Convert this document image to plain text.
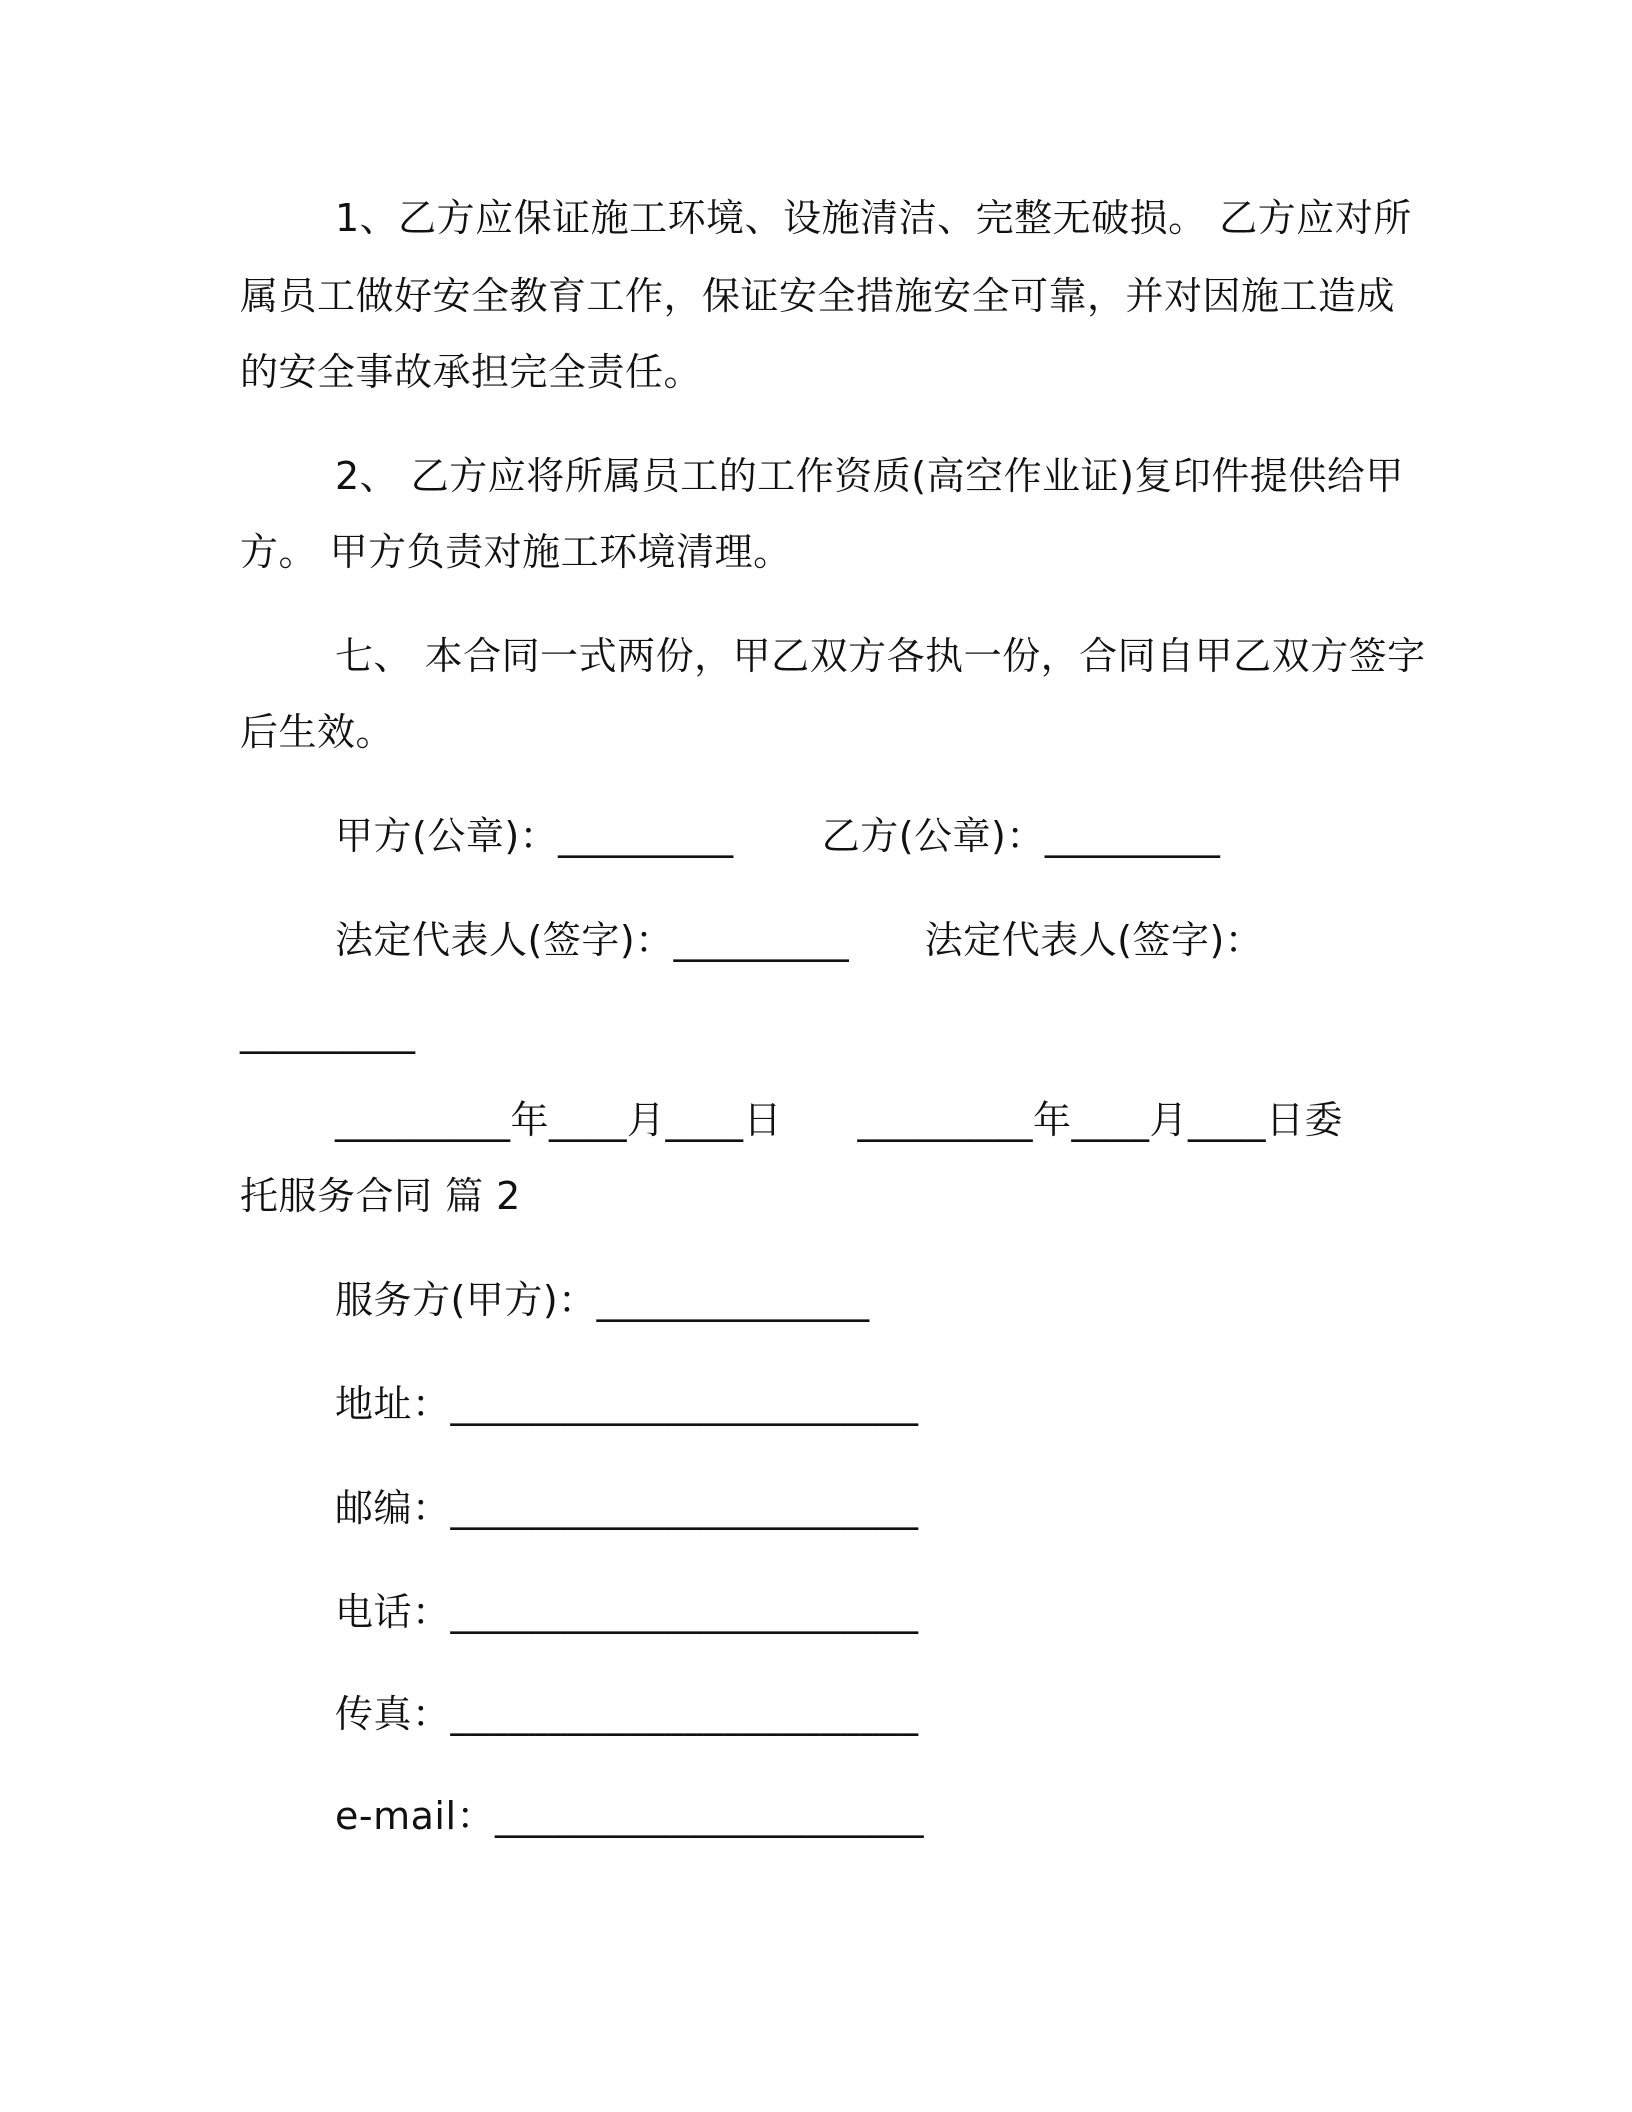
1、乙方应保证施工环境、设施清洁、完整无破损。 乙方应对所
属员工做好安全教育工作，保证安全措施安全可靠，并对因施工造成
的安全事故承担完全责任。
2、 乙方应将所属员工的工作资质(高空作业证)复印件提供给甲
方。 甲方负责对施工环境清理。
七、 本合同一式两份，甲乙双方各执一份，合同自甲乙双方签字
后生效。
甲方(公章)：_________       乙方(公章)：_________
法定代表人(签字)：_________      法定代表人(签字)：
_________
_________年____月____日      _________年____月____日委
托服务合同 篇 2
服务方(甲方)：______________
地址：________________________
邮编：________________________
电话：________________________
传真：________________________
e-mail：______________________
